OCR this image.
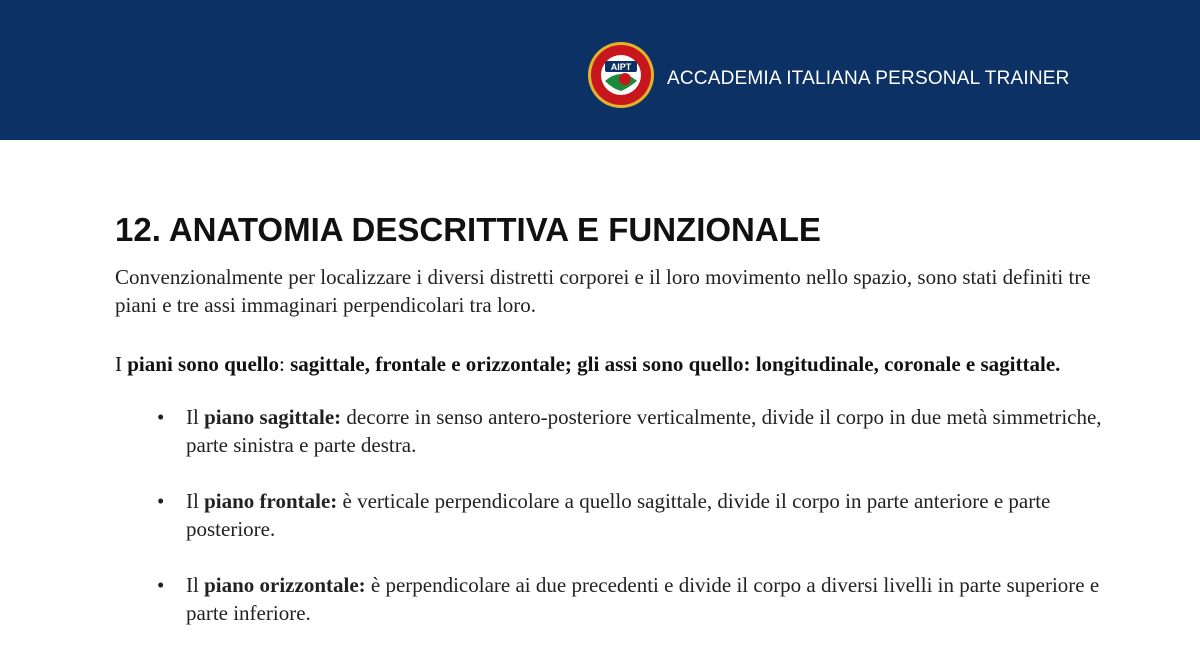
AIPT
ACCADEMIA ITALIANA PERSONAL TRAINER
12. ANATOMIA DESCRITTIVA E FUNZIONALE

Convenzionalmente per localizzare i diversi distretti corporei e il loro movimento nello spazio, sono stati definiti tre piani e tre assi immaginari perpendicolari tra loro.

I piani sono quello: sagittale, frontale e orizzontale; gli assi sono quello: longitudinale, coronale e sagittale.

• Il piano sagittale: decorre in senso antero-posteriore verticalmente, divide il corpo in due metà simmetriche, parte sinistra e parte destra.
• Il piano frontale: è verticale perpendicolare a quello sagittale, divide il corpo in parte anteriore e parte posteriore.
• Il piano orizzontale: è perpendicolare ai due precedenti e divide il corpo a diversi livelli in parte superiore e parte inferiore.
